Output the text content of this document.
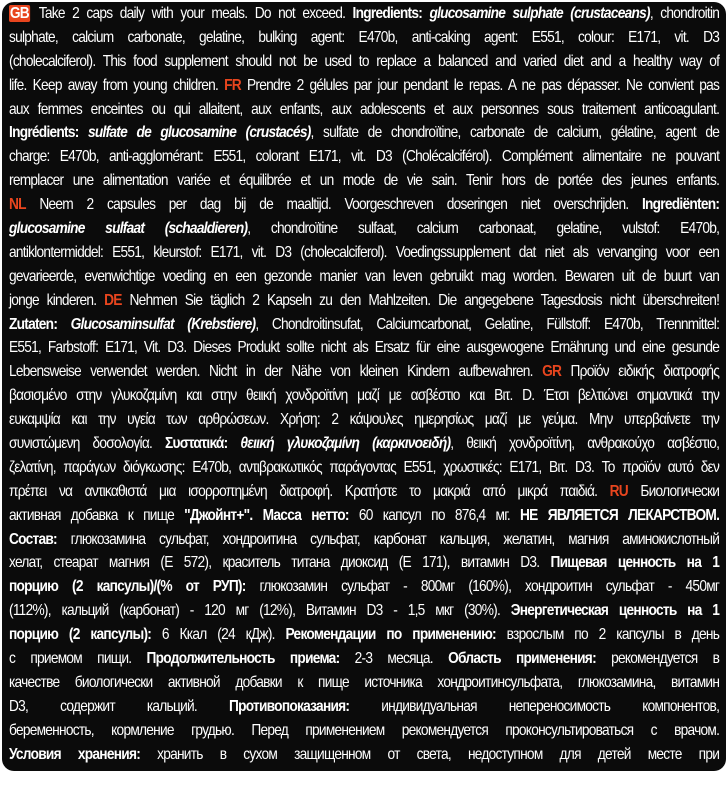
GB Take 2 caps daily with your meals. Do not exceed. Ingredients: glucosamine sulphate (crustaceans), chondroitin
sulphate, calcium carbonate, gelatine, bulking agent: E470b, anti-caking agent: E551, colour: E171, vit. D3
(cholecalciferol). This food supplement should not be used to replace a balanced and varied diet and a healthy way of
life. Keep away from young children. FR Prendre 2 gélules par jour pendant le repas. A ne pas dépasser. Ne convient pas
aux femmes enceintes ou qui allaitent, aux enfants, aux adolescents et aux personnes sous traitement anticoagulant.
Ingrédients: sulfate de glucosamine (crustacés), sulfate de chondroïtine, carbonate de calcium, gélatine, agent de
charge: E470b, anti-agglomérant: E551, colorant E171, vit. D3 (Cholécalciférol). Complément alimentaire ne pouvant
remplacer une alimentation variée et équilibrée et un mode de vie sain. Tenir hors de portée des jeunes enfants.
NL Neem 2 capsules per dag bij de maaltijd. Voorgeschreven doseringen niet overschrijden. Ingrediënten:
glucosamine sulfaat (schaaldieren), chondroïtine sulfaat, calcium carbonaat, gelatine, vulstof: E470b,
antiklontermiddel: E551, kleurstof: E171, vit. D3 (cholecalciferol). Voedingssupplement dat niet als vervanging voor een
gevarieerde, evenwichtige voeding en een gezonde manier van leven gebruikt mag worden. Bewaren uit de buurt van
jonge kinderen. DE Nehmen Sie täglich 2 Kapseln zu den Mahlzeiten. Die angegebene Tagesdosis nicht überschreiten!
Zutaten: Glucosaminsulfat (Krebstiere), Chondroitinsufat, Calciumcarbonat, Gelatine, Füllstoff: E470b, Trennmittel:
E551, Farbstoff: E171, Vit. D3. Dieses Produkt sollte nicht als Ersatz für eine ausgewogene Ernährung und eine gesunde
Lebensweise verwendet werden. Nicht in der Nähe von kleinen Kindern aufbewahren. GR Προϊόν ειδικής διατροφής
βασισμένο στην γλυκοζαμίνη και στην θειική χονδροϊτίνη μαζί με ασβέστιο και Βιτ. D. Έτσι βελτιώνει σημαντικά την
ευκαμψία και την υγεία των αρθρώσεων. Χρήση: 2 κάψουλες ημερησίως μαζί με γεύμα. Μην υπερβαίνετε την
συνιστώμενη δοσολογία. Συστατικά: θειική γλυκοζαμίνη (καρκινοειδή), θειική χονδροϊτίνη, ανθρακούχο ασβέστιο,
ζελατίνη, παράγων διόγκωσης: E470b, αντιβρακωτικός παράγοντας E551, χρωστικές: E171, Βιτ. D3. Το προϊόν αυτό δεν
πρέπει να αντικαθιστά μια ισορροπημένη διατροφή. Κρατήστε το μακριά από μικρά παιδιά. RU Биологически
активная добавка к пище "Джойнт+". Масса нетто: 60 капсул по 876,4 мг. НЕ ЯВЛЯЕТСЯ ЛЕКАРСТВОМ.
Состав: глюкозамина сульфат, хондроитина сульфат, карбонат кальция, желатин, магния аминокислотный
хелат, стеарат магния (Е 572), краситель титана диоксид (Е 171), витамин D3. Пищевая ценность на 1
порцию (2 капсулы)/(% от РУП): глюкозамин сульфат - 800мг (160%), хондроитин сульфат - 450мг
(112%), кальций (карбонат) - 120 мг (12%), Витамин D3 - 1,5 мкг (30%). Энергетическая ценность на 1
порцию (2 капсулы): 6 Ккал (24 кДж). Рекомендации по применению: взрослым по 2 капсулы в день
с приемом пищи. Продолжительность приема: 2-3 месяца. Область применения: рекомендуется в
качестве биологически активной добавки к пище источника хондроитинсульфата, глюкозамина, витамин
D3, содержит кальций. Противопоказания: индивидуальная непереносимость компонентов,
беременность, кормление грудью. Перед применением рекомендуется проконсультироваться с врачом.
Условия хранения: хранить в сухом защищенном от света, недоступном для детей месте при
температуре не выше +25С. Св-во о гос. рег-ции №RU.77.99.88.003.Е.001663.04.18 от 20.04.2018 г.
